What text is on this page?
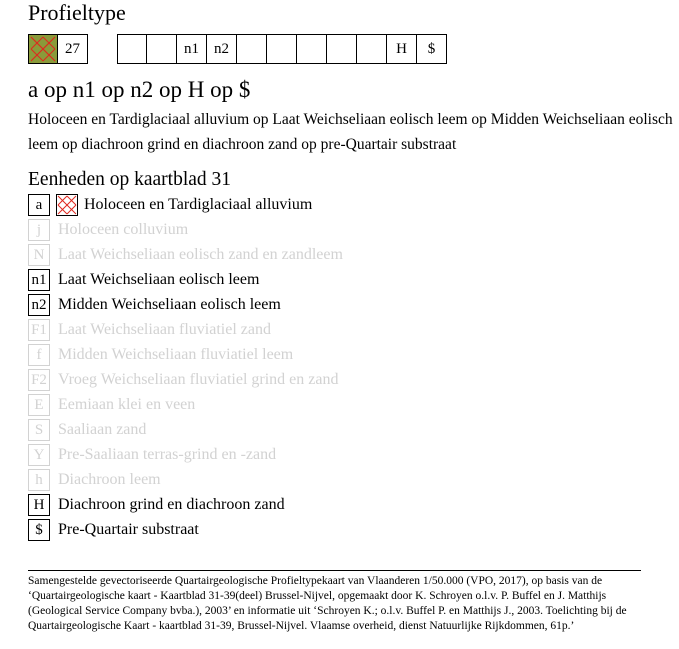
Profieltype
27	n1	n2	H	$
a op n1 op n2 op H op $
Holoceen en Tardiglaciaal alluvium op Laat Weichseliaan eolisch leem op Midden Weichseliaan eolisch leem op diachroon grind en diachroon zand op pre-Quartair substraat
Eenheden op kaartblad 31
a	Holoceen en Tardiglaciaal alluvium
j	Holoceen colluvium
N Laat Weichseliaan eolisch zand en zandleem
n1 Laat Weichseliaan eolisch leem
n2 Midden Weichseliaan eolisch leem
F1 Laat Weichseliaan fluviatiel zand
f	Midden Weichseliaan fluviatiel leem
F2 Vroeg Weichseliaan fluviatiel grind en zand
E Eemiaan klei en veen
S Saaliaan zand
Y Pre-Saaliaan terras-grind en -zand
h Diachroon leem
H Diachroon grind en diachroon zand
$ Pre-Quartair substraat
Samengestelde gevectoriseerde Quartairgeologische Profieltypekaart van Vlaanderen 1/50.000 (VPO, 2017), op basis van de ‘Quartairgeologische kaart - Kaartblad 31-39(deel) Brussel-Nijvel, opgemaakt door K. Schroyen o.l.v. P. Buffel en J. Matthijs (Geological Service Company bvba.), 2003’ en informatie uit ‘Schroyen K.; o.l.v. Buffel P. en Matthijs J., 2003. Toelichting bij de Quartairgeologische Kaart - kaartblad 31-39, Brussel-Nijvel. Vlaamse overheid, dienst Natuurlijke Rijkdommen, 61p.’
